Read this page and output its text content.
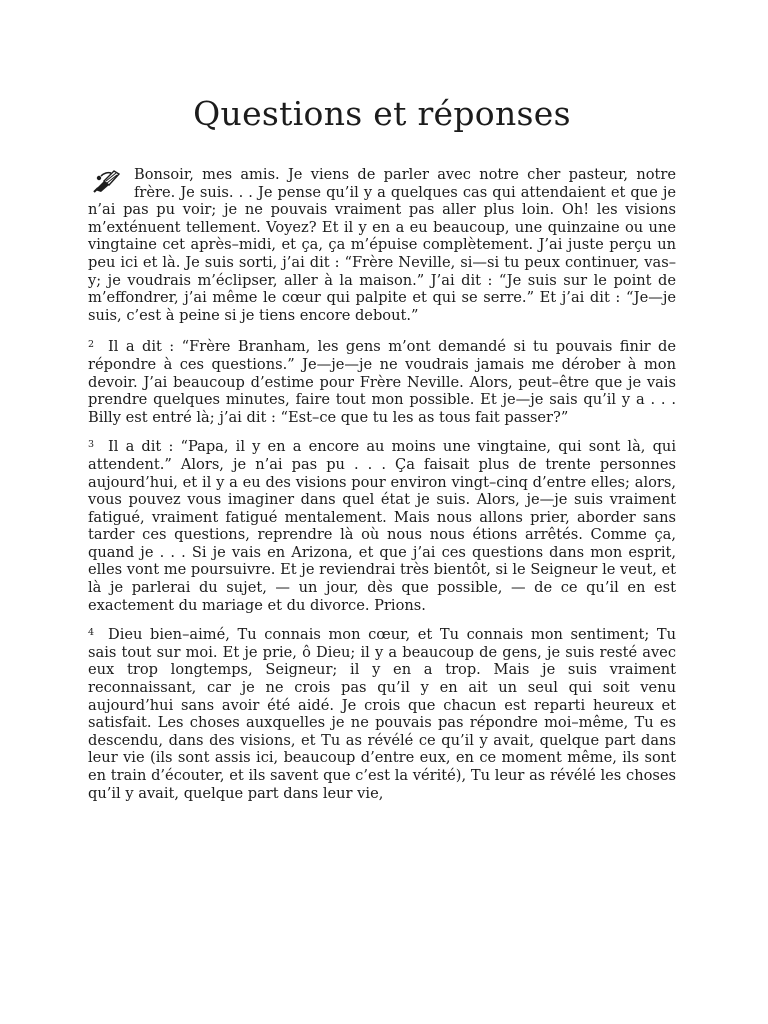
Questions et réponses

Bonsoir, mes amis. Je viens de parler avec notre cher pasteur, notre frère. Je suis. . . Je pense qu’il y a quelques cas qui attendaient et que je n’ai pas pu voir; je ne pouvais vraiment pas aller plus loin. Oh! les visions m’exténuent tellement. Voyez? Et il y en a eu beaucoup, une quinzaine ou une vingtaine cet après–midi, et ça, ça m’épuise complètement. J’ai juste perçu un peu ici et là. Je suis sorti, j’ai dit : “Frère Neville, si—si tu peux continuer, vas–y; je voudrais m’éclipser, aller à la maison.” J’ai dit : “Je suis sur le point de m’effondrer, j’ai même le cœur qui palpite et qui se serre.” Et j’ai dit : “Je—je suis, c’est à peine si je tiens encore debout.”

2 Il a dit : “Frère Branham, les gens m’ont demandé si tu pouvais finir de répondre à ces questions.” Je—je—je ne voudrais jamais me dérober à mon devoir. J’ai beaucoup d’estime pour Frère Neville. Alors, peut–être que je vais prendre quelques minutes, faire tout mon possible. Et je—je sais qu’il y a . . . Billy est entré là; j’ai dit : “Est–ce que tu les as tous fait passer?”

3 Il a dit : “Papa, il y en a encore au moins une vingtaine, qui sont là, qui attendent.” Alors, je n’ai pas pu . . . Ça faisait plus de trente personnes aujourd’hui, et il y a eu des visions pour environ vingt–cinq d’entre elles; alors, vous pouvez vous imaginer dans quel état je suis. Alors, je—je suis vraiment fatigué, vraiment fatigué mentalement. Mais nous allons prier, aborder sans tarder ces questions, reprendre là où nous nous étions arrêtés. Comme ça, quand je . . . Si je vais en Arizona, et que j’ai ces questions dans mon esprit, elles vont me poursuivre. Et je reviendrai très bientôt, si le Seigneur le veut, et là je parlerai du sujet, — un jour, dès que possible, — de ce qu’il en est exactement du mariage et du divorce. Prions.

4 Dieu bien–aimé, Tu connais mon cœur, et Tu connais mon sentiment; Tu sais tout sur moi. Et je prie, ô Dieu; il y a beaucoup de gens, je suis resté avec eux trop longtemps, Seigneur; il y en a trop. Mais je suis vraiment reconnaissant, car je ne crois pas qu’il y en ait un seul qui soit venu aujourd’hui sans avoir été aidé. Je crois que chacun est reparti heureux et satisfait. Les choses auxquelles je ne pouvais pas répondre moi–même, Tu es descendu, dans des visions, et Tu as révélé ce qu’il y avait, quelque part dans leur vie (ils sont assis ici, beaucoup d’entre eux, en ce moment même, ils sont en train d’écouter, et ils savent que c’est la vérité), Tu leur as révélé les choses qu’il y avait, quelque part dans leur vie,
